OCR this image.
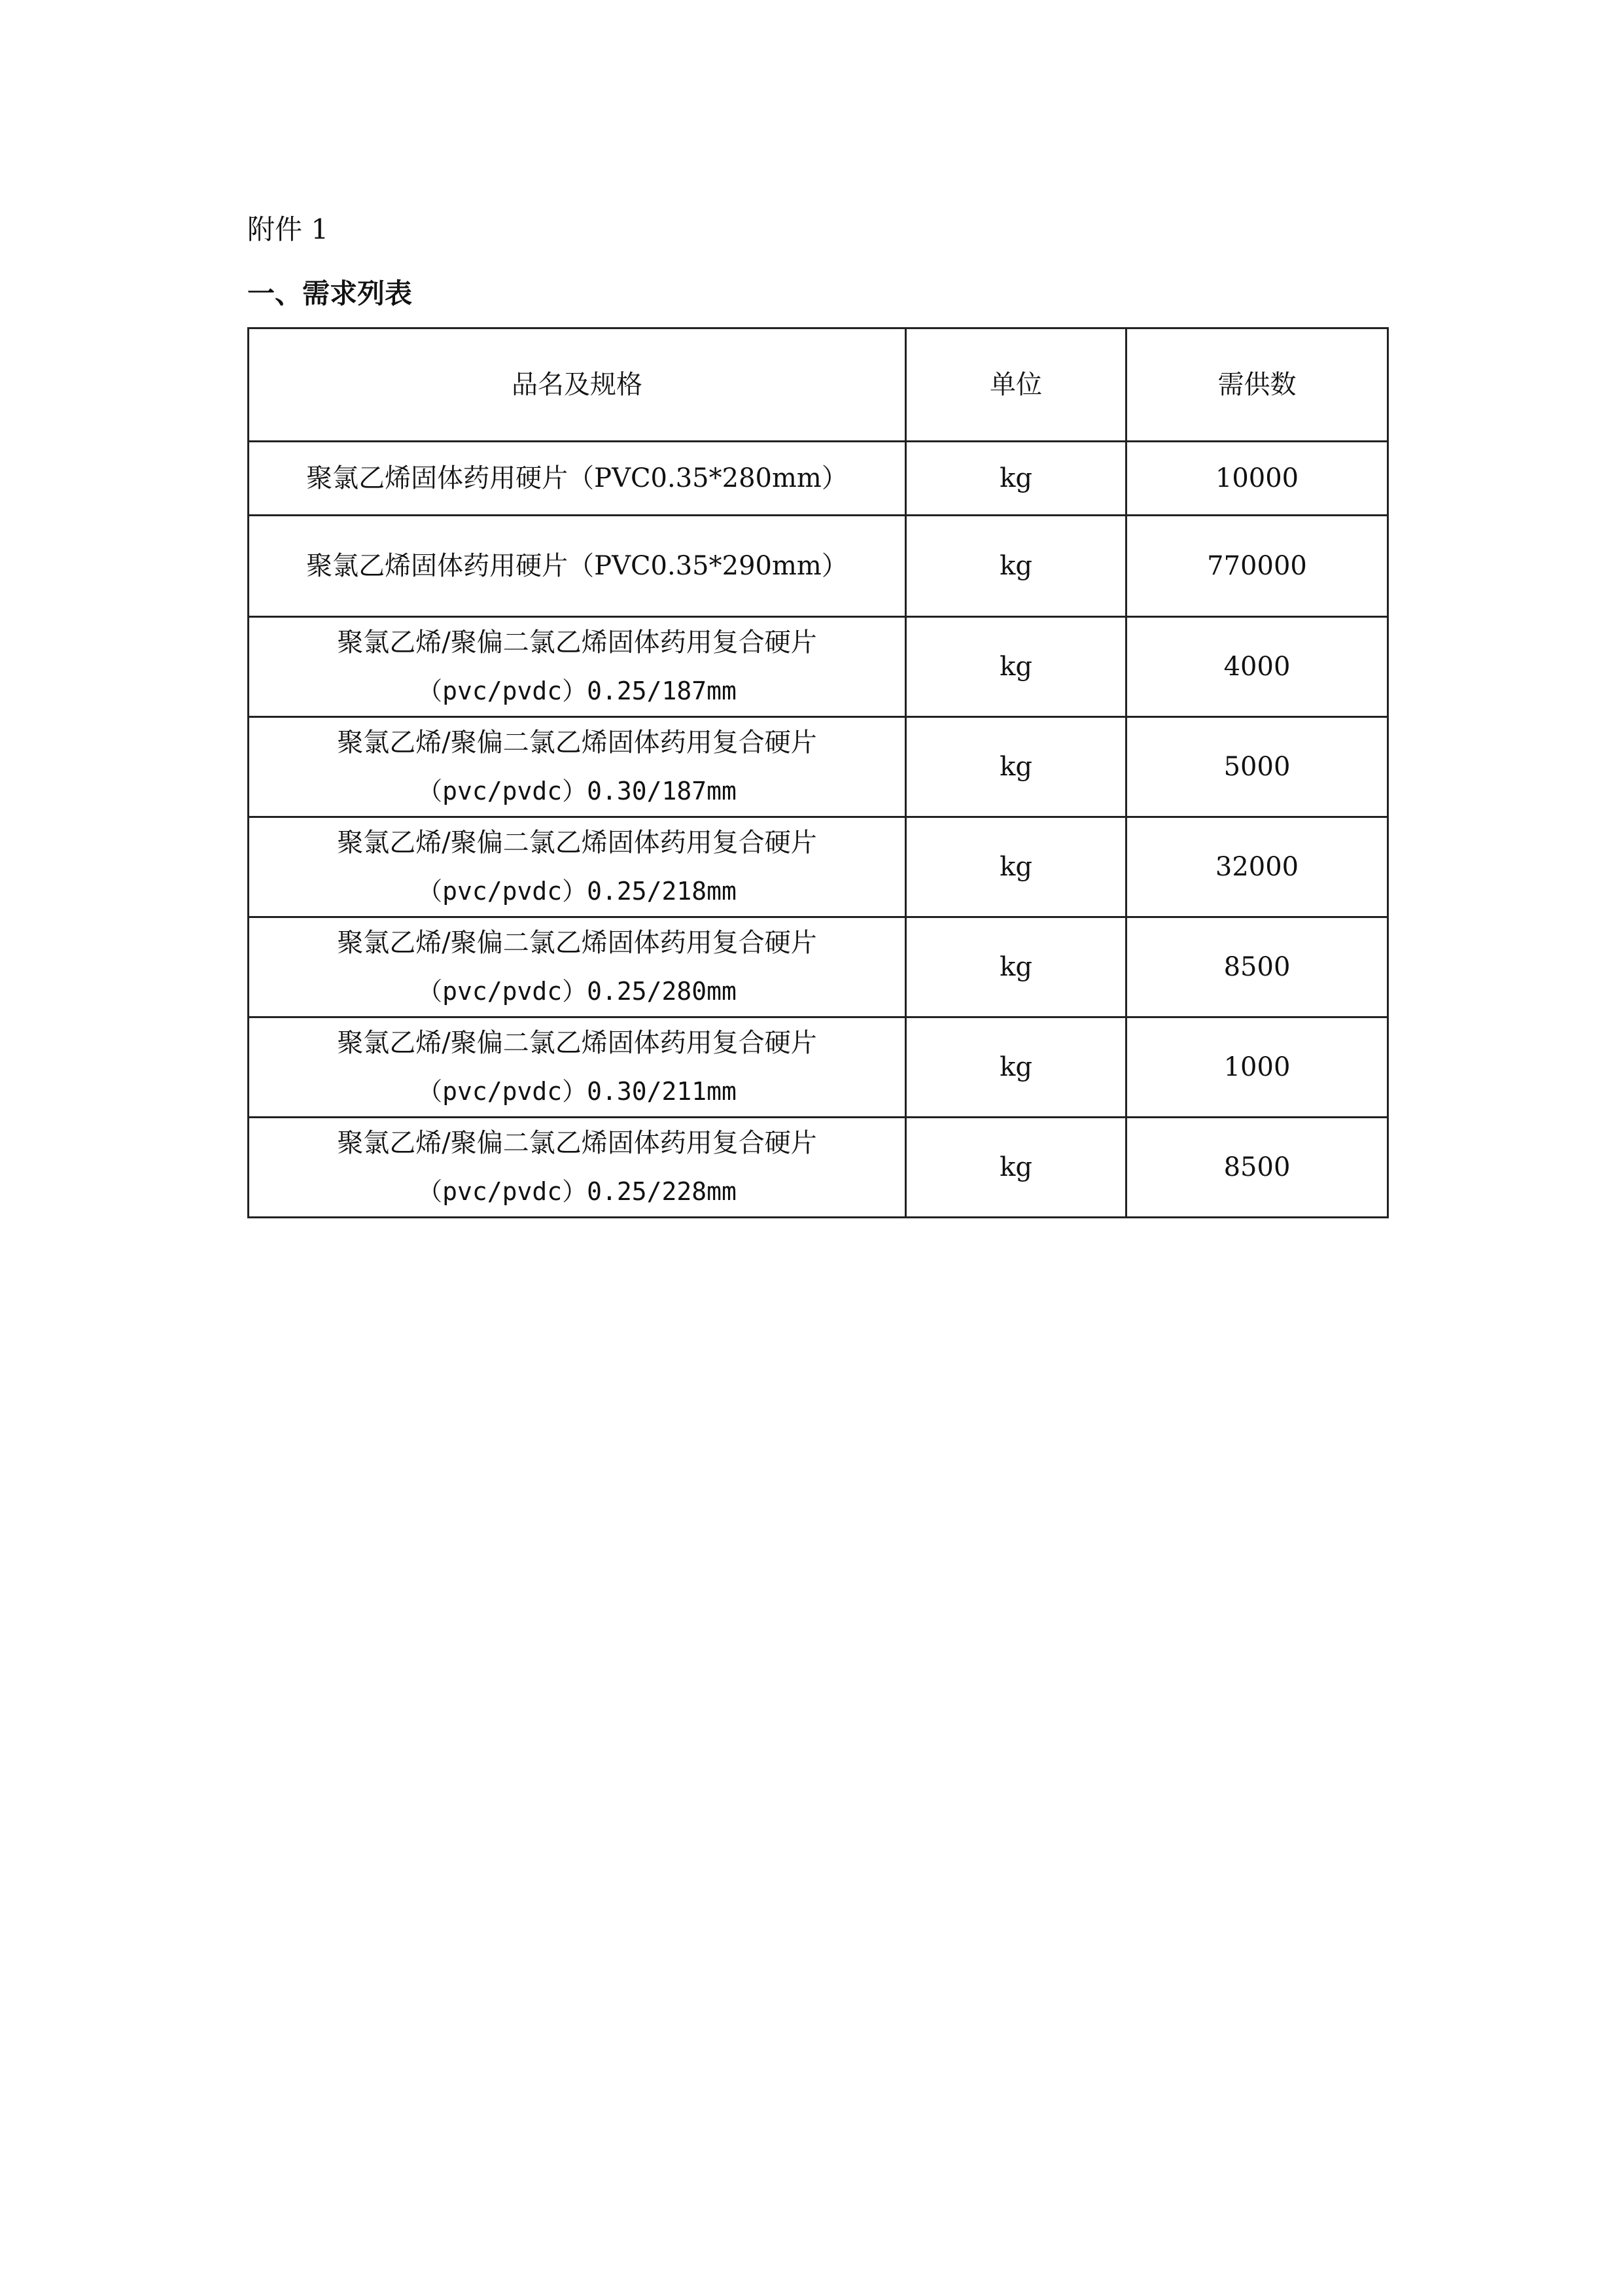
附件 1
一、需求列表
品名及规格	单位	需供数

聚氯乙烯固体药用硬片（PVC0.35*280mm）	kg	10000

聚氯乙烯固体药用硬片（PVC0.35*290mm）	kg	770000

聚氯乙烯/聚偏二氯乙烯固体药用复合硬片
（pvc/pvdc）0.25/187mm	kg	4000

聚氯乙烯/聚偏二氯乙烯固体药用复合硬片
（pvc/pvdc）0.30/187mm	kg	5000

聚氯乙烯/聚偏二氯乙烯固体药用复合硬片
（pvc/pvdc）0.25/218mm	kg	32000

聚氯乙烯/聚偏二氯乙烯固体药用复合硬片
（pvc/pvdc）0.25/280mm	kg	8500

聚氯乙烯/聚偏二氯乙烯固体药用复合硬片
（pvc/pvdc）0.30/211mm	kg	1000

聚氯乙烯/聚偏二氯乙烯固体药用复合硬片
（pvc/pvdc）0.25/228mm	kg	8500
